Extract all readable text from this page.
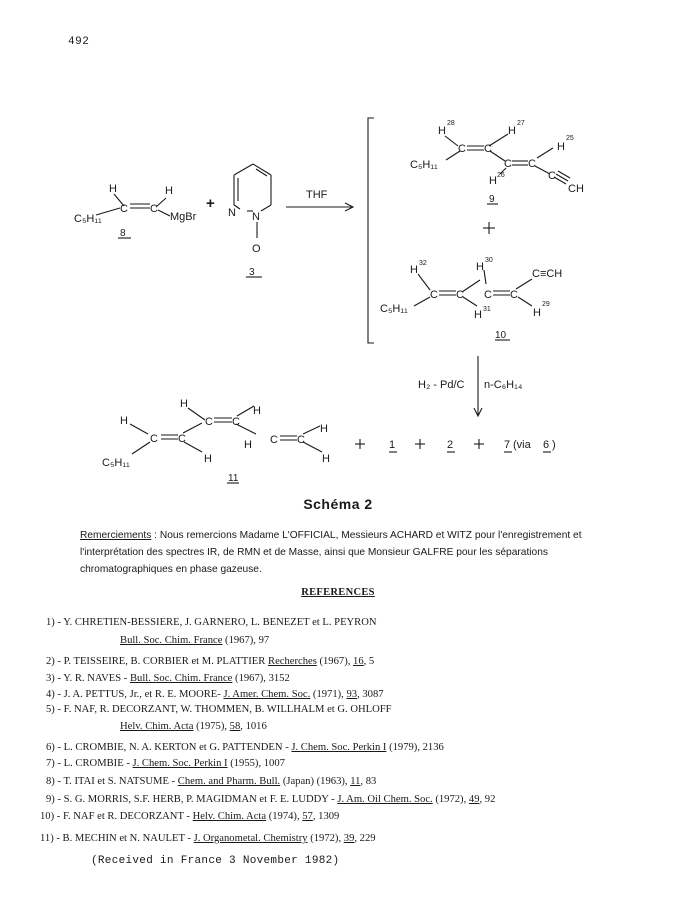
492
H	H
C C
C₅H₁₁	MgBr
8
+
N N
O
3
THF
H
28
H
27
H
25
H 26
C C
C C
C
C₅H₁₁
CH
9
H
32	H
30
H 31	H
29
C C C C
C₅H₁₁
C≡CH
10
H₂ - Pd/C n-C₆H₁₄
H
H
H
H
H
H
H
C C
C C
C C
C₅H₁₁
11
1	2	7 (via 6 )
Schéma 2
Remerciements : Nous remercions Madame L'OFFICIAL, Messieurs ACHARD et WITZ pour l'enregistrement et l'interprétation des spectres IR, de RMN et de Masse, ainsi que Monsieur GALFRE pour les séparations chromatographiques en phase gazeuse.
REFERENCES
1) - Y. CHRETIEN-BESSIERE, J. GARNERO, L. BENEZET et L. PEYRON
Bull. Soc. Chim. France (1967), 97
2) - P. TEISSEIRE, B. CORBIER et M. PLATTIER Recherches (1967), 16, 5
3) - Y. R. NAVES - Bull. Soc. Chim. France (1967), 3152
4) - J. A. PETTUS, Jr., et R. E. MOORE- J. Amer. Chem. Soc. (1971), 93, 3087
5) - F. NAF, R. DECORZANT, W. THOMMEN, B. WILLHALM et G. OHLOFF
Helv. Chim. Acta (1975), 58, 1016
6) - L. CROMBIE, N. A. KERTON et G. PATTENDEN - J. Chem. Soc. Perkin I (1979), 2136
7) - L. CROMBIE - J. Chem. Soc. Perkin I (1955), 1007
8) - T. ITAI et S. NATSUME - Chem. and Pharm. Bull. (Japan) (1963), 11, 83
9) - S. G. MORRIS, S.F. HERB, P. MAGIDMAN et F. E. LUDDY - J. Am. Oil Chem. Soc. (1972), 49, 92
10) - F. NAF et R. DECORZANT - Helv. Chim. Acta (1974), 57, 1309
11) - B. MECHIN et N. NAULET - J. Organometal. Chemistry (1972), 39, 229
(Received in France 3 November 1982)
